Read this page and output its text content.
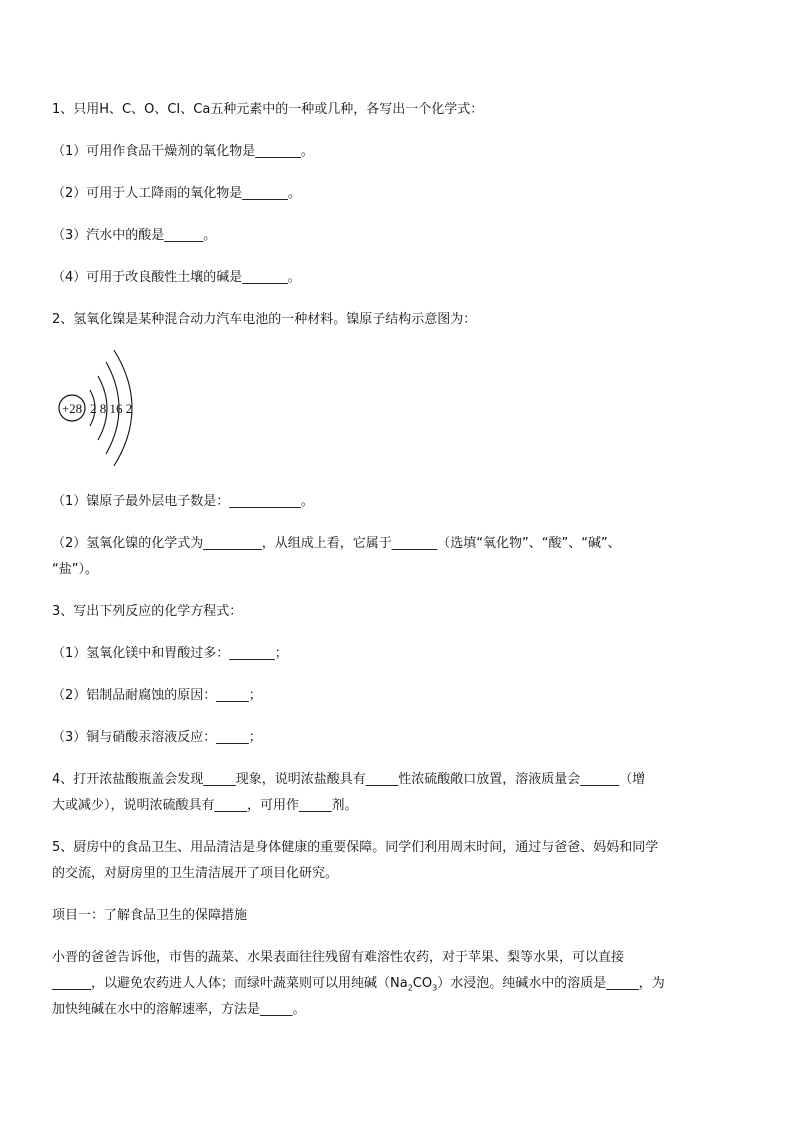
1、只用H、C、O、CI、Ca五种元素中的一种或几种，各写出一个化学式：
（1）可用作食品干燥剂的氧化物是_______。
（2）可用于人工降雨的氧化物是_______。
（3）汽水中的酸是______。
（4）可用于改良酸性土壤的碱是_______。
2、氢氧化镍是某种混合动力汽车电池的一种材料。镍原子结构示意图为：
+28 2 8 16 2
（1）镍原子最外层电子数是：___________。
（2）氢氧化镍的化学式为_________，从组成上看，它属于_______（选填“氧化物”、“酸”、“碱”、
“盐”）。
3、写出下列反应的化学方程式：
（1）氢氧化镁中和胃酸过多：_______；
（2）铝制品耐腐蚀的原因：_____；
（3）铜与硝酸汞溶液反应：_____；
4、打开浓盐酸瓶盖会发现_____现象，说明浓盐酸具有_____性浓硫酸敞口放置，溶液质量会______（增
大或减少），说明浓硫酸具有_____，可用作_____剂。
5、厨房中的食品卫生、用品清洁是身体健康的重要保障。同学们利用周末时间，通过与爸爸、妈妈和同学
的交流，对厨房里的卫生清洁展开了项目化研究。
项目一：了解食品卫生的保障措施
小晋的爸爸告诉他，市售的蔬菜、水果表面往往残留有难溶性农药，对于苹果、梨等水果，可以直接
______，以避免农药进人人体；而绿叶蔬菜则可以用纯碱$(Na_2CO_3)$水浸泡。纯碱水中的溶质是_____，为
加快纯碱在水中的溶解速率，方法是_____。
